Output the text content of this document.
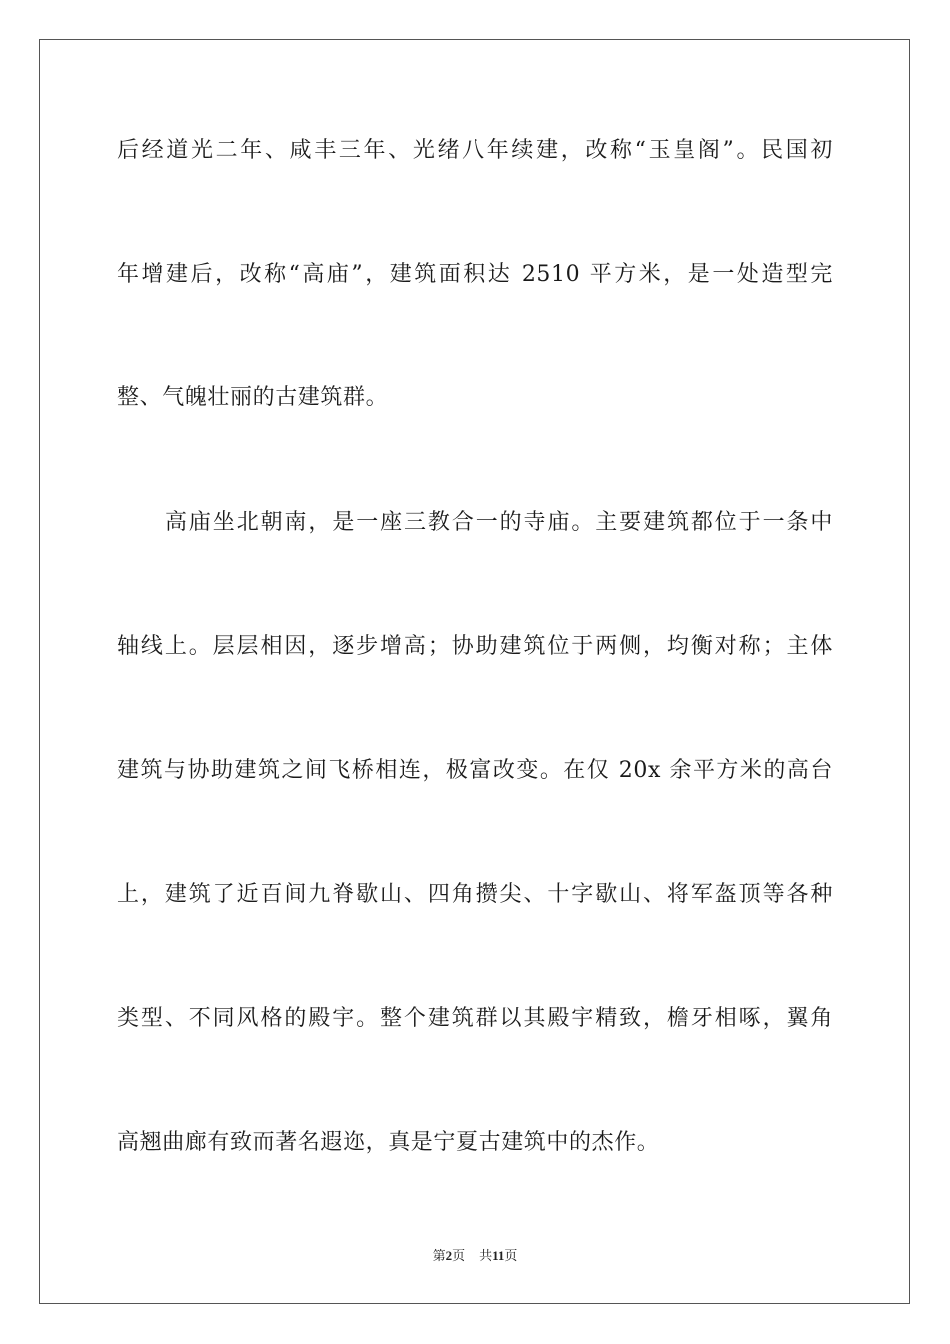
后经道光二年、咸丰三年、光绪八年续建，改称“玉皇阁”。民国初
年增建后，改称“高庙”，建筑面积达 2510 平方米，是一处造型完
整、气魄壮丽的古建筑群。
高庙坐北朝南，是一座三教合一的寺庙。主要建筑都位于一条中
轴线上。层层相因，逐步增高；协助建筑位于两侧，均衡对称；主体
建筑与协助建筑之间飞桥相连，极富改变。在仅 20x 余平方米的高台
上，建筑了近百间九脊歇山、四角攒尖、十字歇山、将军盔顶等各种
类型、不同风格的殿宇。整个建筑群以其殿宇精致，檐牙相啄，翼角
高翘曲廊有致而著名遐迩，真是宁夏古建筑中的杰作。
第2页 共11页
